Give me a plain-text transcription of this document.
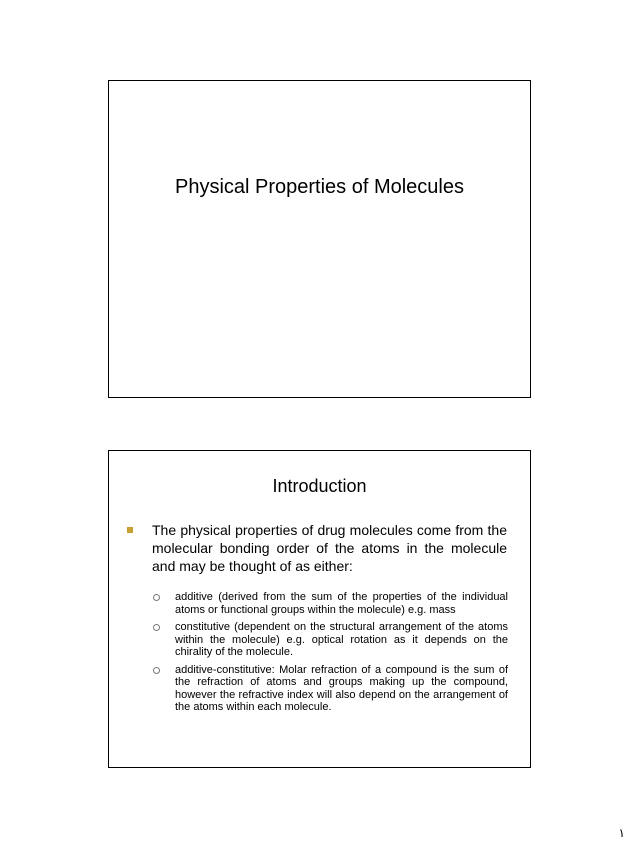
Physical Properties of Molecules
Introduction
The physical properties of drug molecules come from the molecular bonding order of the atoms in the molecule and may be thought of as either:
additive (derived from the sum of the properties of the individual atoms or functional groups within the molecule) e.g. mass
constitutive (dependent on the structural arrangement of the atoms within the molecule) e.g. optical rotation as it depends on the chirality of the molecule.
additive-constitutive: Molar refraction of a compound is the sum of the refraction of atoms and groups making up the compound, however the refractive index will also depend on the arrangement of the atoms within each molecule.
١
